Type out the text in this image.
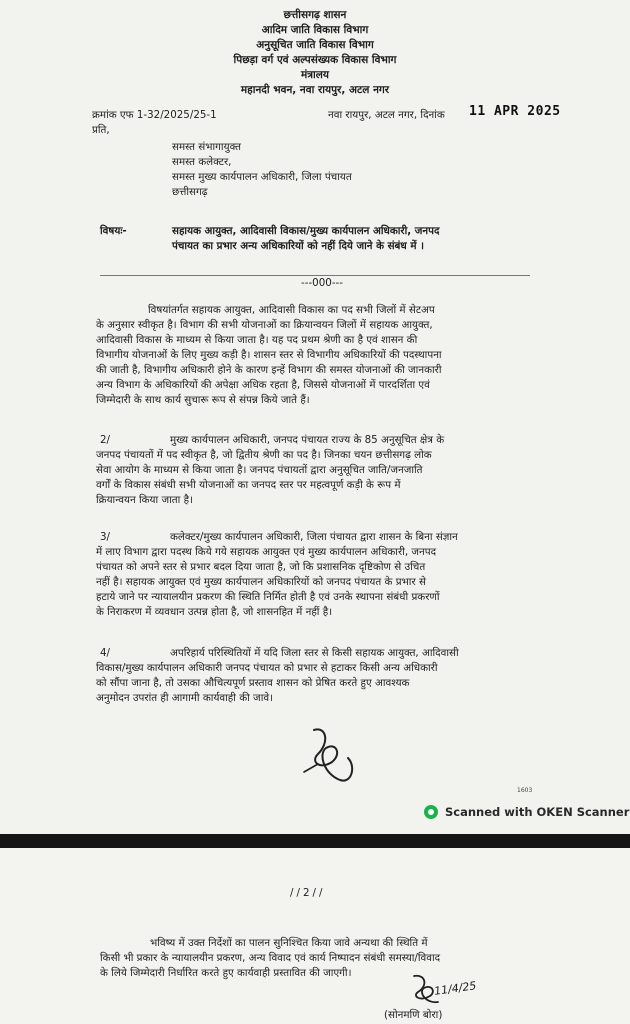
छत्तीसगढ़ शासन
आदिम जाति विकास विभाग
अनुसूचित जाति विकास विभाग
पिछड़ा वर्ग एवं अल्पसंख्यक विकास विभाग
मंत्रालय
महानदी भवन, नवा रायपुर, अटल नगर
क्रमांक एफ 1-32/2025/25-1	नवा रायपुर, अटल नगर, दिनांक 11 APR 2025
प्रति,
समस्त संभागायुक्त
समस्त कलेक्टर,
समस्त मुख्य कार्यपालन अधिकारी, जिला पंचायत
छत्तीसगढ़
विषयः-	सहायक आयुक्त, आदिवासी विकास/मुख्य कार्यपालन अधिकारी, जनपद
पंचायत का प्रभार अन्य अधिकारियों को नहीं दिये जाने के संबंध में ।
---000---
विषयांतर्गत सहायक आयुक्त, आदिवासी विकास का पद सभी जिलों में सेटअप
के अनुसार स्वीकृत है। विभाग की सभी योजनाओं का क्रियान्वयन जिलों में सहायक आयुक्त,
आदिवासी विकास के माध्यम से किया जाता है। यह पद प्रथम श्रेणी का है एवं शासन की
विभागीय योजनाओं के लिए मुख्य कड़ी है। शासन स्तर से विभागीय अधिकारियों की पदस्थापना
की जाती है, विभागीय अधिकारी होने के कारण इन्हें विभाग की समस्त योजनाओं की जानकारी
अन्य विभाग के अधिकारियों की अपेक्षा अधिक रहता है, जिससे योजनाओं में पारदर्शिता एवं
जिम्मेदारी के साथ कार्य सुचारू रूप से संपन्न किये जाते हैं।
2/	मुख्य कार्यपालन अधिकारी, जनपद पंचायत राज्य के 85 अनुसूचित क्षेत्र के
जनपद पंचायतों में पद स्वीकृत है, जो द्वितीय श्रेणी का पद है। जिनका चयन छत्तीसगढ़ लोक
सेवा आयोग के माध्यम से किया जाता है। जनपद पंचायतों द्वारा अनुसूचित जाति/जनजाति
वर्गों के विकास संबंधी सभी योजनाओं का जनपद स्तर पर महत्वपूर्ण कड़ी के रूप में
क्रियान्वयन किया जाता है।
3/	कलेक्टर/मुख्य कार्यपालन अधिकारी, जिला पंचायत द्वारा शासन के बिना संज्ञान
में लाए विभाग द्वारा पदस्थ किये गये सहायक आयुक्त एवं मुख्य कार्यपालन अधिकारी, जनपद
पंचायत को अपने स्तर से प्रभार बदल दिया जाता है, जो कि प्रशासनिक दृष्टिकोण से उचित
नहीं है। सहायक आयुक्त एवं मुख्य कार्यपालन अधिकारियों को जनपद पंचायत के प्रभार से
हटाये जाने पर न्यायालयीन प्रकरण की स्थिति निर्मित होती है एवं उनके स्थापना संबंधी प्रकरणों
के निराकरण में व्यवधान उत्पन्न होता है, जो शासनहित में नहीं है।
4/	अपरिहार्य परिस्थितियों में यदि जिला स्तर से किसी सहायक आयुक्त, आदिवासी
विकास/मुख्य कार्यपालन अधिकारी जनपद पंचायत को प्रभार से हटाकर किसी अन्य अधिकारी
को सौंपा जाना है, तो उसका औचित्यपूर्ण प्रस्ताव शासन को प्रेषित करते हुए आवश्यक
अनुमोदन उपरांत ही आगामी कार्यवाही की जावे।
1603
Scanned with OKEN Scanner
//2//
भविष्य में उक्त निर्देशों का पालन सुनिश्चित किया जावे अन्यथा की स्थिति में
किसी भी प्रकार के न्यायालयीन प्रकरण, अन्य विवाद एवं कार्य निष्पादन संबंधी समस्या/विवाद
के लिये जिम्मेदारी निर्धारित करते हुए कार्यवाही प्रस्तावित की जाएगी।
11/4/25
(सोनमणि बोरा)
